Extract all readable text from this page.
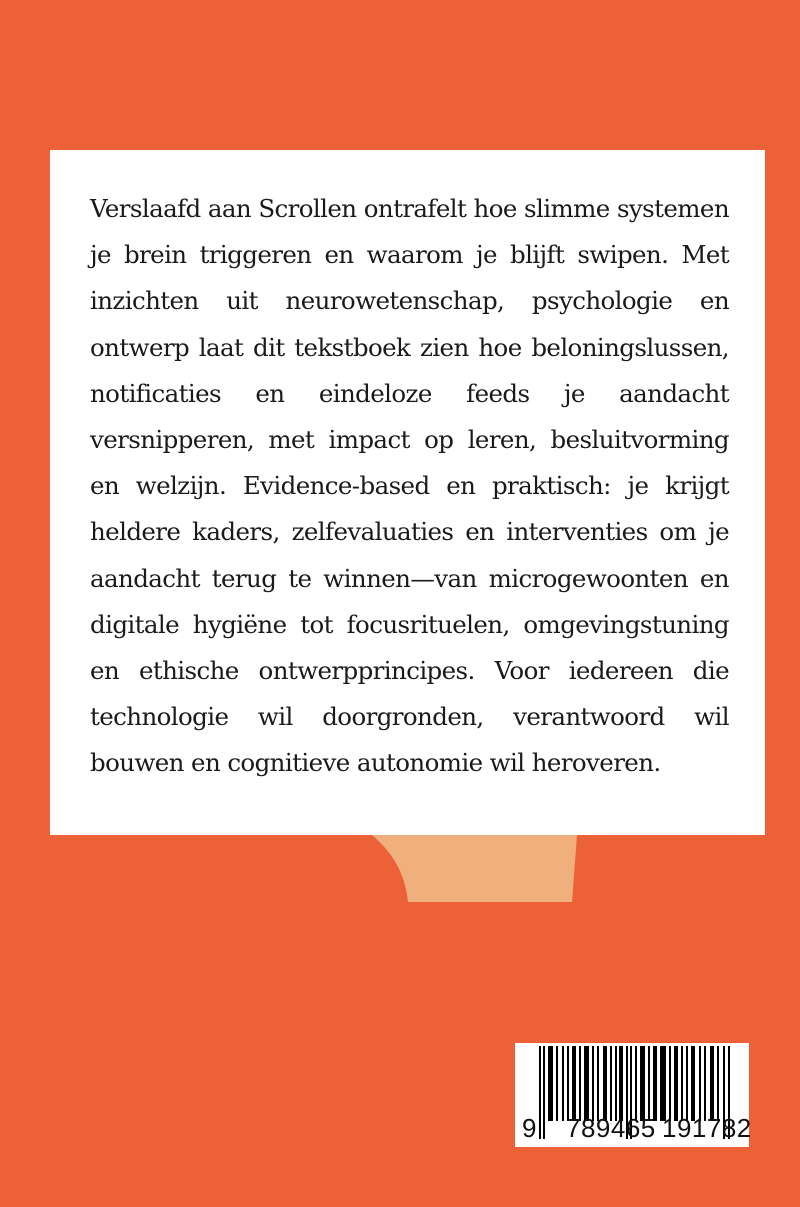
Verslaafd aan Scrollen ontrafelt hoe slimme systemen je brein triggeren en waarom je blijft swipen. Met inzichten uit neurowetenschap, psychologie en ontwerp laat dit tekstboek zien hoe beloningslussen, notificaties en eindeloze feeds je aandacht versnipperen, met impact op leren, besluitvorming en welzijn. Evidence-based en praktisch: je krijgt heldere kaders, zelfevaluaties en interventies om je aandacht terug te winnen—van microgewoonten en digitale hygiëne tot focusrituelen, omgevingstuning en ethische ontwerpprincipes. Voor iedereen die technologie wil doorgronden, verantwoord wil bouwen en cognitieve autonomie wil heroveren.

9 789465 191782
